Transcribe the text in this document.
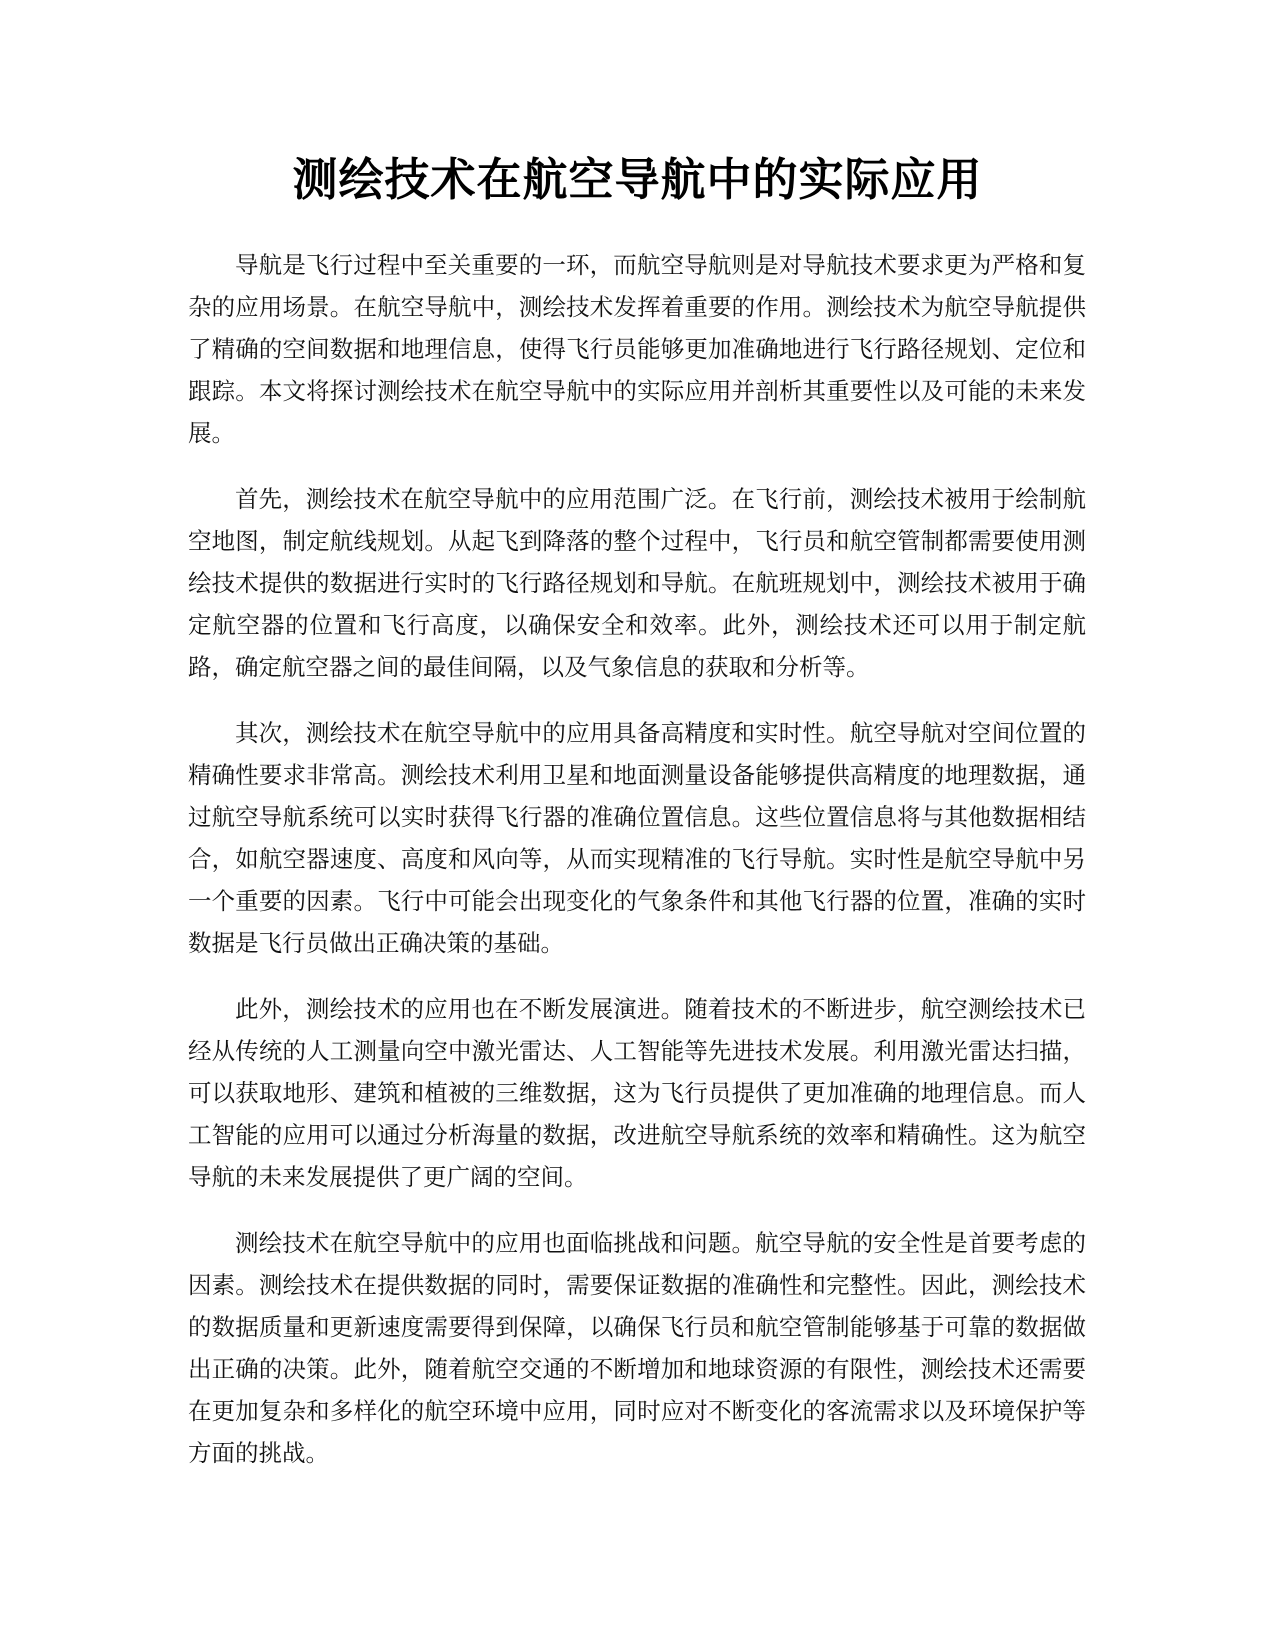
测绘技术在航空导航中的实际应用

导航是飞行过程中至关重要的一环，而航空导航则是对导航技术要求更为严格和复杂的应用场景。在航空导航中，测绘技术发挥着重要的作用。测绘技术为航空导航提供了精确的空间数据和地理信息，使得飞行员能够更加准确地进行飞行路径规划、定位和跟踪。本文将探讨测绘技术在航空导航中的实际应用并剖析其重要性以及可能的未来发展。

首先，测绘技术在航空导航中的应用范围广泛。在飞行前，测绘技术被用于绘制航空地图，制定航线规划。从起飞到降落的整个过程中，飞行员和航空管制都需要使用测绘技术提供的数据进行实时的飞行路径规划和导航。在航班规划中，测绘技术被用于确定航空器的位置和飞行高度，以确保安全和效率。此外，测绘技术还可以用于制定航路，确定航空器之间的最佳间隔，以及气象信息的获取和分析等。

其次，测绘技术在航空导航中的应用具备高精度和实时性。航空导航对空间位置的精确性要求非常高。测绘技术利用卫星和地面测量设备能够提供高精度的地理数据，通过航空导航系统可以实时获得飞行器的准确位置信息。这些位置信息将与其他数据相结合，如航空器速度、高度和风向等，从而实现精准的飞行导航。实时性是航空导航中另一个重要的因素。飞行中可能会出现变化的气象条件和其他飞行器的位置，准确的实时数据是飞行员做出正确决策的基础。

此外，测绘技术的应用也在不断发展演进。随着技术的不断进步，航空测绘技术已经从传统的人工测量向空中激光雷达、人工智能等先进技术发展。利用激光雷达扫描，可以获取地形、建筑和植被的三维数据，这为飞行员提供了更加准确的地理信息。而人工智能的应用可以通过分析海量的数据，改进航空导航系统的效率和精确性。这为航空导航的未来发展提供了更广阔的空间。

测绘技术在航空导航中的应用也面临挑战和问题。航空导航的安全性是首要考虑的因素。测绘技术在提供数据的同时，需要保证数据的准确性和完整性。因此，测绘技术的数据质量和更新速度需要得到保障，以确保飞行员和航空管制能够基于可靠的数据做出正确的决策。此外，随着航空交通的不断增加和地球资源的有限性，测绘技术还需要在更加复杂和多样化的航空环境中应用，同时应对不断变化的客流需求以及环境保护等方面的挑战。
